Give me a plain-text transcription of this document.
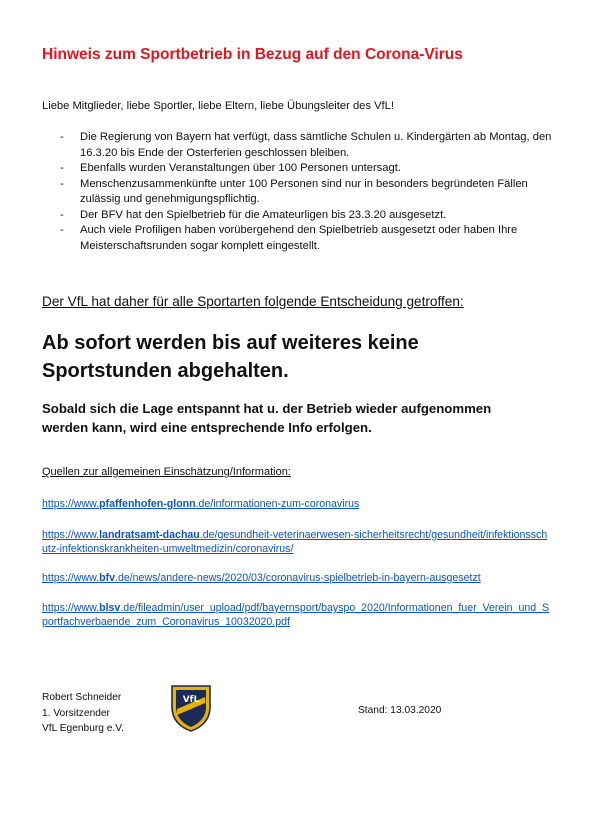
Hinweis zum Sportbetrieb in Bezug auf den Corona-Virus
Liebe Mitglieder, liebe Sportler, liebe Eltern, liebe Übungsleiter des VfL!
- Die Regierung von Bayern hat verfügt, dass sämtliche Schulen u. Kindergärten ab Montag, den 16.3.20 bis Ende der Osterferien geschlossen bleiben.
- Ebenfalls wurden Veranstaltungen über 100 Personen untersagt.
- Menschenzusammenkünfte unter 100 Personen sind nur in besonders begründeten Fällen zulässig und genehmigungspflichtig.
- Der BFV hat den Spielbetrieb für die Amateurligen bis 23.3.20 ausgesetzt.
- Auch viele Profiligen haben vorübergehend den Spielbetrieb ausgesetzt oder haben Ihre Meisterschaftsrunden sogar komplett eingestellt.
Der VfL hat daher für alle Sportarten folgende Entscheidung getroffen:
Ab sofort werden bis auf weiteres keine Sportstunden abgehalten.
Sobald sich die Lage entspannt hat u. der Betrieb wieder aufgenommen werden kann, wird eine entsprechende Info erfolgen.
Quellen zur allgemeinen Einschätzung/Information:
https://www.pfaffenhofen-glonn.de/informationen-zum-coronavirus
https://www.landratsamt-dachau.de/gesundheit-veterinaerwesen-sicherheitsrecht/gesundheit/infektionsschutz-infektionskrankheiten-umweltmedizin/coronavirus/
https://www.bfv.de/news/andere-news/2020/03/coronavirus-spielbetrieb-in-bayern-ausgesetzt
https://www.blsv.de/fileadmin/user_upload/pdf/bayernsport/bayspo_2020/Informationen_fuer_Verein_und_Sportfachverbaende_zum_Coronavirus_10032020.pdf
Robert Schneider
1. Vorsitzender
VfL Egenburg e.V.
VfL
Stand: 13.03.2020
